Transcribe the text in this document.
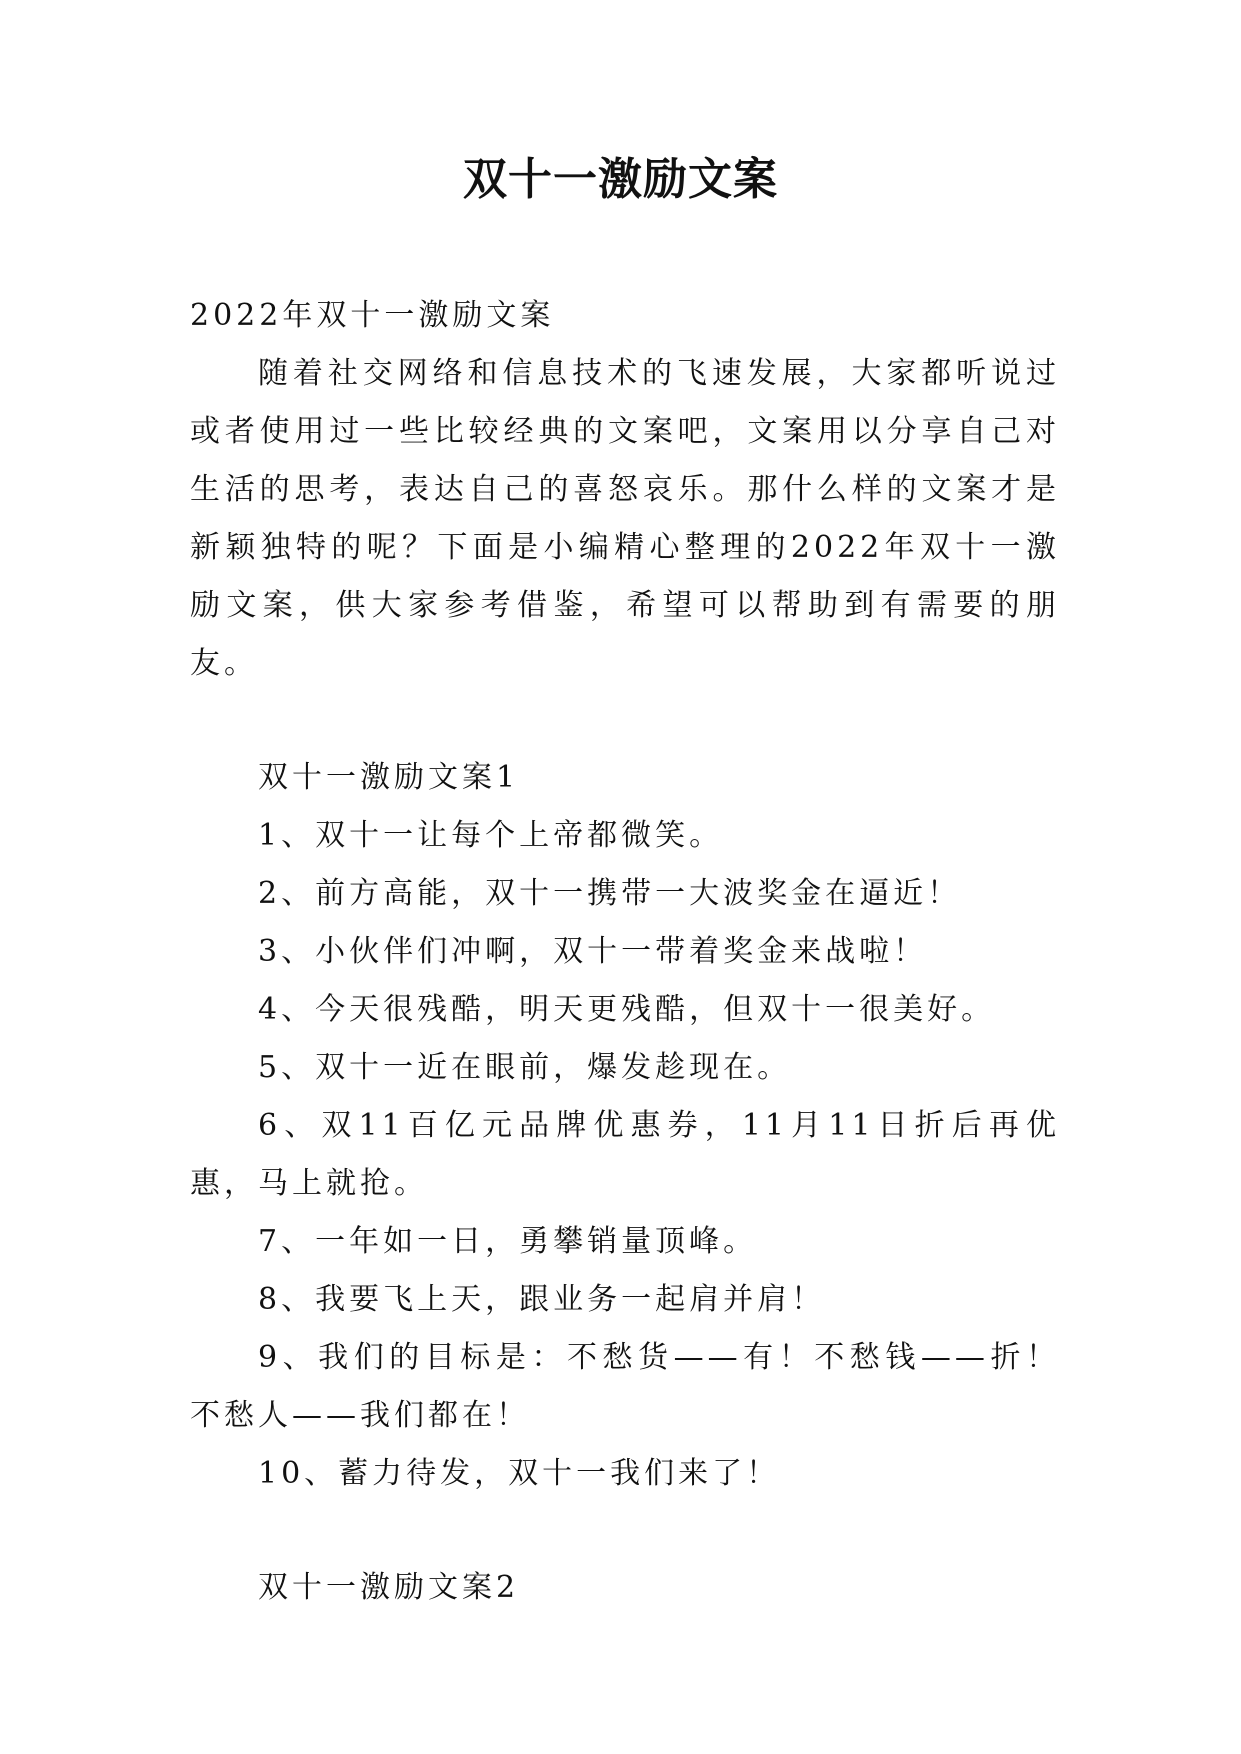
双十一激励文案

2022年双十一激励文案

随着社交网络和信息技术的飞速发展，大家都听说过或者使用过一些比较经典的文案吧，文案用以分享自己对生活的思考，表达自己的喜怒哀乐。那什么样的文案才是新颖独特的呢？下面是小编精心整理的2022年双十一激励文案，供大家参考借鉴，希望可以帮助到有需要的朋友。

双十一激励文案1

1、双十一让每个上帝都微笑。

2、前方高能，双十一携带一大波奖金在逼近！

3、小伙伴们冲啊，双十一带着奖金来战啦！

4、今天很残酷，明天更残酷，但双十一很美好。

5、双十一近在眼前，爆发趁现在。

6、双11百亿元品牌优惠券，11月11日折后再优惠，马上就抢。

7、一年如一日，勇攀销量顶峰。

8、我要飞上天，跟业务一起肩并肩！

9、我们的目标是：不愁货——有！不愁钱——折！不愁人——我们都在！

10、蓄力待发，双十一我们来了！

双十一激励文案2
